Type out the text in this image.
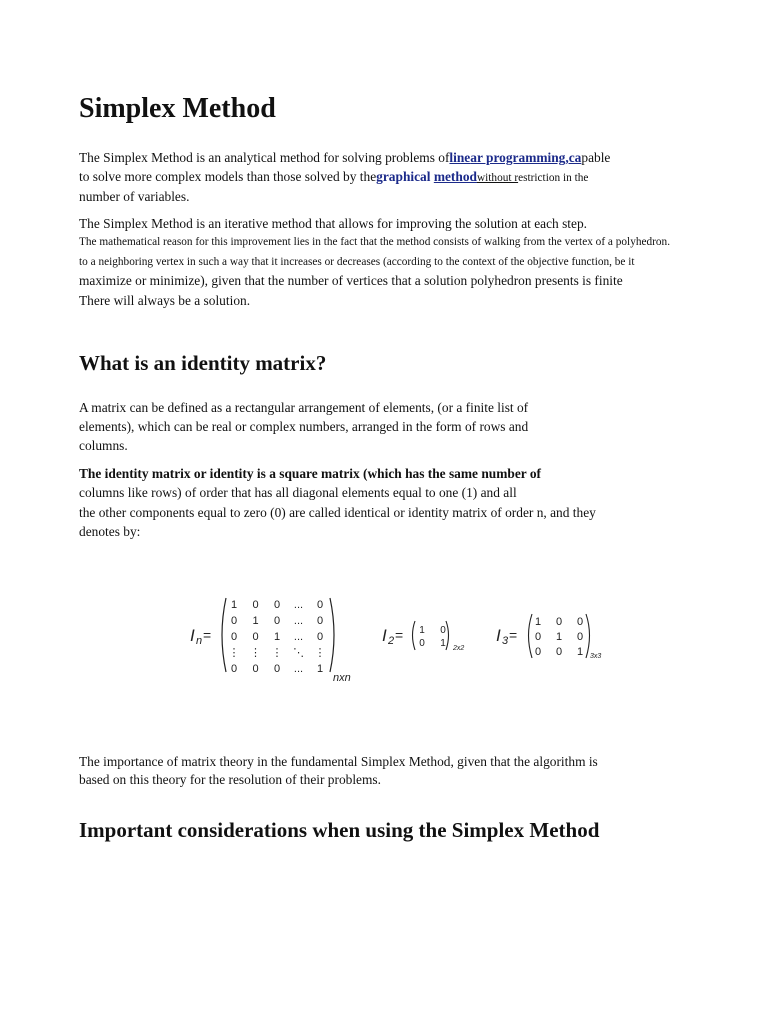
Simplex Method
The Simplex Method is an analytical method for solving problems oflinear programming,capable
to solve more complex models than those solved by thegraphical methodwithout restriction in the
number of variables.
The Simplex Method is an iterative method that allows for improving the solution at each step.
The mathematical reason for this improvement lies in the fact that the method consists of walking from the vertex of a polyhedron.
to a neighboring vertex in such a way that it increases or decreases (according to the context of the objective function, be it
maximize or minimize), given that the number of vertices that a solution polyhedron presents is finite
There will always be a solution.
What is an identity matrix?
A matrix can be defined as a rectangular arrangement of elements, (or a finite list of
elements), which can be real or complex numbers, arranged in the form of rows and
columns.
The identity matrix or identity is a square matrix (which has the same number of
columns like rows) of order that has all diagonal elements equal to one (1) and all
the other components equal to zero (0) are called identical or identity matrix of order n, and they
denotes by:
I n =
1 0 0 ... 0
0 1 0 ... 0
0 0 1 ... 0
⋮ ⋮ ⋮ ⋱ ⋮
0 0 0 ... 1
nxn
I 2 = 1 0
0 1 2x2
I 3 =
1 0 0
0 1 0
0 0 1 3x3
The importance of matrix theory in the fundamental Simplex Method, given that the algorithm is
based on this theory for the resolution of their problems.
Important considerations when using the Simplex Method
